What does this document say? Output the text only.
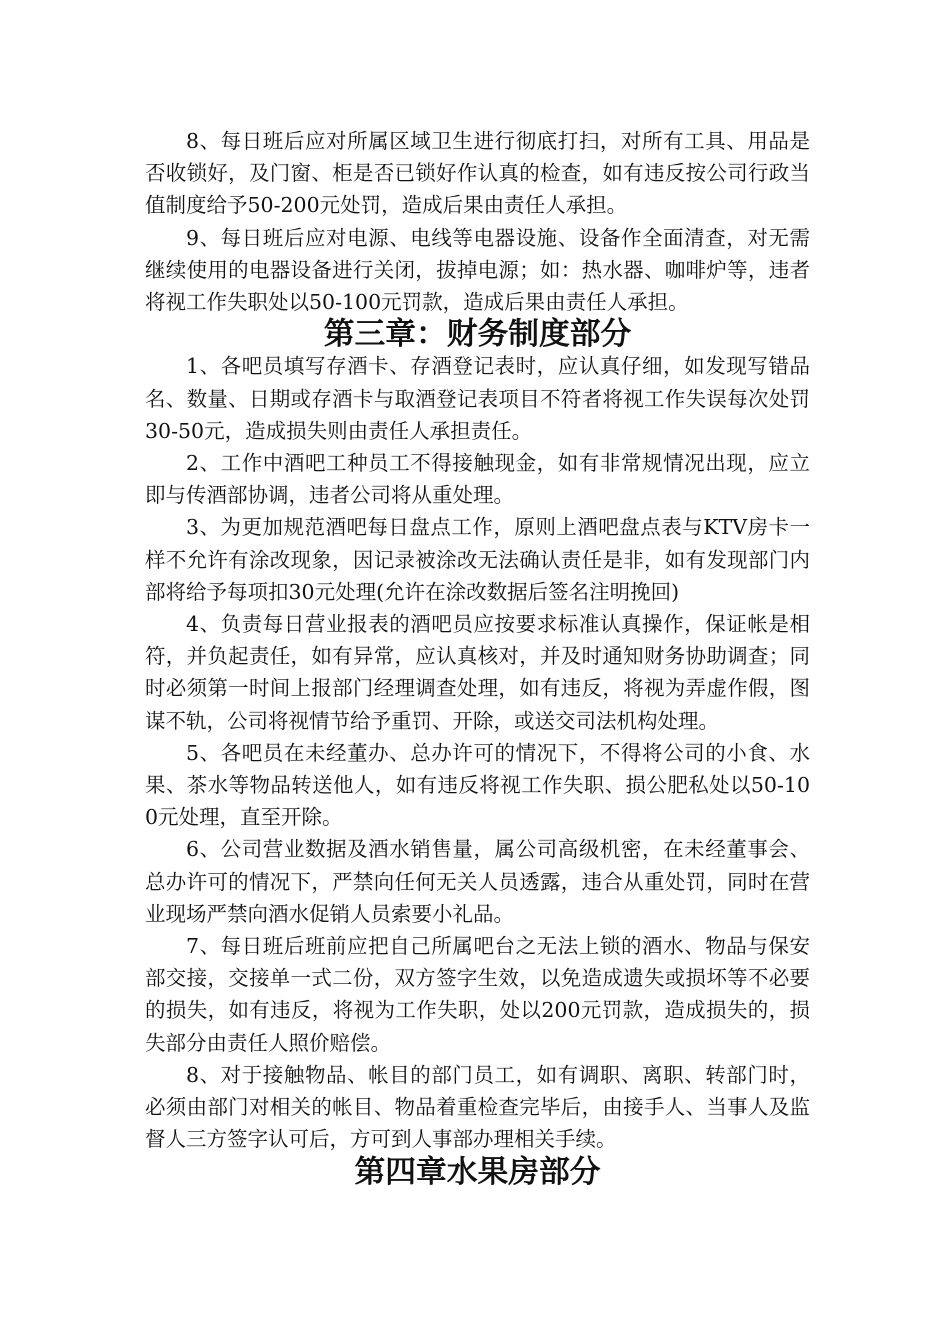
8、每日班后应对所属区域卫生进行彻底打扫，对所有工具、用品是否收锁好，及门窗、柜是否已锁好作认真的检查，如有违反按公司行政当值制度给予50-200元处罚，造成后果由责任人承担。

9、每日班后应对电源、电线等电器设施、设备作全面清查，对无需继续使用的电器设备进行关闭，拔掉电源；如：热水器、咖啡炉等，违者将视工作失职处以50-100元罚款，造成后果由责任人承担。

第三章：财务制度部分

1、各吧员填写存酒卡、存酒登记表时，应认真仔细，如发现写错品名、数量、日期或存酒卡与取酒登记表项目不符者将视工作失误每次处罚30-50元，造成损失则由责任人承担责任。

2、工作中酒吧工种员工不得接触现金，如有非常规情况出现，应立即与传酒部协调，违者公司将从重处理。

3、为更加规范酒吧每日盘点工作，原则上酒吧盘点表与KTV房卡一样不允许有涂改现象，因记录被涂改无法确认责任是非，如有发现部门内部将给予每项扣30元处理(允许在涂改数据后签名注明挽回)

4、负责每日营业报表的酒吧员应按要求标准认真操作，保证帐是相符，并负起责任，如有异常，应认真核对，并及时通知财务协助调查；同时必须第一时间上报部门经理调查处理，如有违反，将视为弄虚作假，图谋不轨，公司将视情节给予重罚、开除，或送交司法机构处理。

5、各吧员在未经董办、总办许可的情况下，不得将公司的小食、水果、茶水等物品转送他人，如有违反将视工作失职、损公肥私处以50-100元处理，直至开除。

6、公司营业数据及酒水销售量，属公司高级机密，在未经董事会、总办许可的情况下，严禁向任何无关人员透露，违合从重处罚，同时在营业现场严禁向酒水促销人员索要小礼品。

7、每日班后班前应把自己所属吧台之无法上锁的酒水、物品与保安部交接，交接单一式二份，双方签字生效，以免造成遗失或损坏等不必要的损失，如有违反，将视为工作失职，处以200元罚款，造成损失的，损失部分由责任人照价赔偿。

8、对于接触物品、帐目的部门员工，如有调职、离职、转部门时，必须由部门对相关的帐目、物品着重检查完毕后，由接手人、当事人及监督人三方签字认可后，方可到人事部办理相关手续。

第四章水果房部分
